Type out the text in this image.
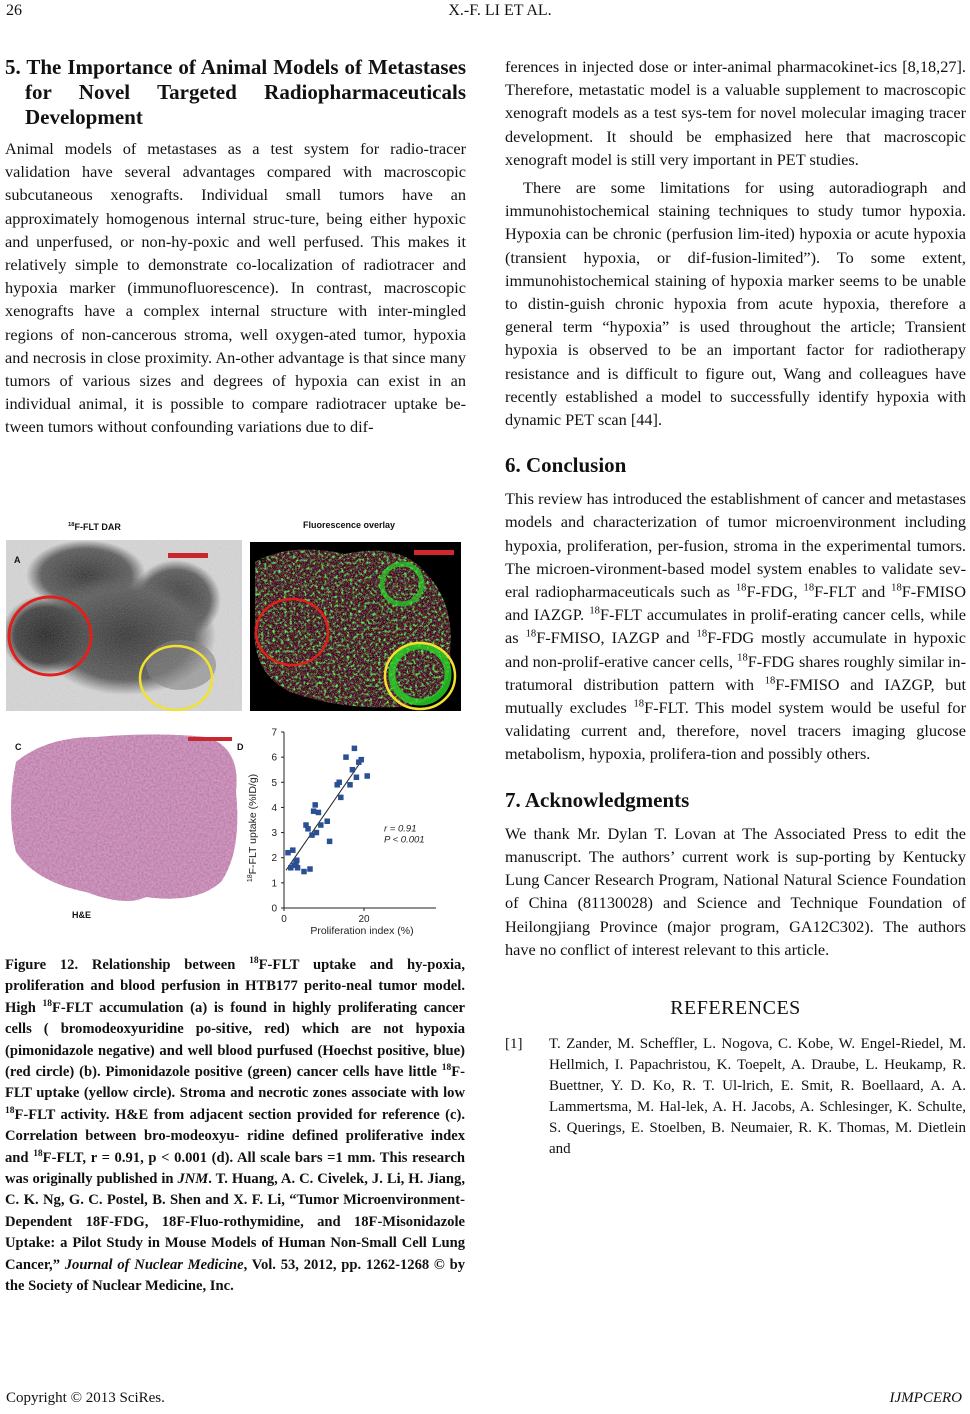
26	X.-F. LI ET AL.
5. The Importance of Animal Models of Metastases for Novel Targeted Radiopharmaceuticals Development

Animal models of metastases as a test system for radio-tracer validation have several advantages compared with macroscopic subcutaneous xenografts. Individual small tumors have an approximately homogenous internal struc-ture, being either hypoxic and unperfused, or non-hy-poxic and well perfused. This makes it relatively simple to demonstrate co-localization of radiotracer and hypoxia marker (immunofluorescence). In contrast, macroscopic xenografts have a complex internal structure with inter-mingled regions of non-cancerous stroma, well oxygen-ated tumor, hypoxia and necrosis in close proximity. An-other advantage is that since many tumors of various sizes and degrees of hypoxia can exist in an individual animal, it is possible to compare radiotracer uptake be-tween tumors without confounding variations due to dif-

$^{18}$F-FLT DAR	Fluorescence overlay
A	B
C
H&E
D
0
1
2
3
4
5
6
7
0	20
Proliferation index (%)
$^{18}$F-FLT uptake (%ID/g)	r = 0.91
P < 0.001

Figure 12. Relationship between $^{18}$F-FLT uptake and hy-poxia, proliferation and blood perfusion in HTB177 perito-neal tumor model. High $^{18}$F-FLT accumulation (a) is found in highly proliferating cancer cells ( bromodeoxyuridine po-sitive, red) which are not hypoxia (pimonidazole negative) and well blood purfused (Hoechst positive, blue) (red circle) (b). Pimonidazole positive (green) cancer cells have little $^{18}$F-FLT uptake (yellow circle). Stroma and necrotic zones associate with low $^{18}$F-FLT activity. H&E from adjacent section provided for reference (c). Correlation between bro-modeoxyu- ridine defined proliferative index and $^{18}$F-FLT, r = 0.91, p < 0.001 (d). All scale bars =1 mm. This research was originally published in JNM. T. Huang, A. C. Civelek, J. Li, H. Jiang, C. K. Ng, G. C. Postel, B. Shen and X. F. Li, “Tumor Microenvironment-Dependent 18F-FDG, 18F-Fluo-rothymidine, and 18F-Misonidazole Uptake: a Pilot Study in Mouse Models of Human Non-Small Cell Lung Cancer,” Journal of Nuclear Medicine, Vol. 53, 2012, pp. 1262-1268 © by the Society of Nuclear Medicine, Inc.

ferences in injected dose or inter-animal pharmacokinet-ics [8,18,27]. Therefore, metastatic model is a valuable supplement to macroscopic xenograft models as a test sys-tem for novel molecular imaging tracer development. It should be emphasized here that macroscopic xenograft model is still very important in PET studies.

There are some limitations for using autoradiograph and immunohistochemical staining techniques to study tumor hypoxia. Hypoxia can be chronic (perfusion lim-ited) hypoxia or acute hypoxia (transient hypoxia, or dif-fusion-limited”). To some extent, immunohistochemical staining of hypoxia marker seems to be unable to distin-guish chronic hypoxia from acute hypoxia, therefore a general term “hypoxia” is used throughout the article; Transient hypoxia is observed to be an important factor for radiotherapy resistance and is difficult to figure out, Wang and colleagues have recently established a model to successfully identify hypoxia with dynamic PET scan [44].

6. Conclusion

This review has introduced the establishment of cancer and metastases models and characterization of tumor microenvironment including hypoxia, proliferation, per-fusion, stroma in the experimental tumors. The microen-vironment-based model system enables to validate sev-eral radiopharmaceuticals such as $^{18}$F-FDG, $^{18}$F-FLT and $^{18}$F-FMISO and IAZGP. $^{18}$F-FLT accumulates in prolif-erating cancer cells, while as $^{18}$F-FMISO, IAZGP and $^{18}$F-FDG mostly accumulate in hypoxic and non-prolif-erative cancer cells, $^{18}$F-FDG shares roughly similar in-tratumoral distribution pattern with $^{18}$F-FMISO and IAZGP, but mutually excludes $^{18}$F-FLT. This model system would be useful for validating current and, therefore, novel tracers imaging glucose metabolism, hypoxia, prolifera-tion and possibly others.

7. Acknowledgments

We thank Mr. Dylan T. Lovan at The Associated Press to edit the manuscript. The authors’ current work is sup-porting by Kentucky Lung Cancer Research Program, National Natural Science Foundation of China (81130028) and Science and Technique Foundation of Heilongjiang Province (major program, GA12C302). The authors have no conflict of interest relevant to this article.

REFERENCES
[1]	T. Zander, M. Scheffler, L. Nogova, C. Kobe, W. Engel-Riedel, M. Hellmich, I. Papachristou, K. Toepelt, A. Draube, L. Heukamp, R. Buettner, Y. D. Ko, R. T. Ul-lrich, E. Smit, R. Boellaard, A. A. Lammertsma, M. Hal-lek, A. H. Jacobs, A. Schlesinger, K. Schulte, S. Querings, E. Stoelben, B. Neumaier, R. K. Thomas, M. Dietlein and
Copyright © 2013 SciRes.	IJMPCERO
